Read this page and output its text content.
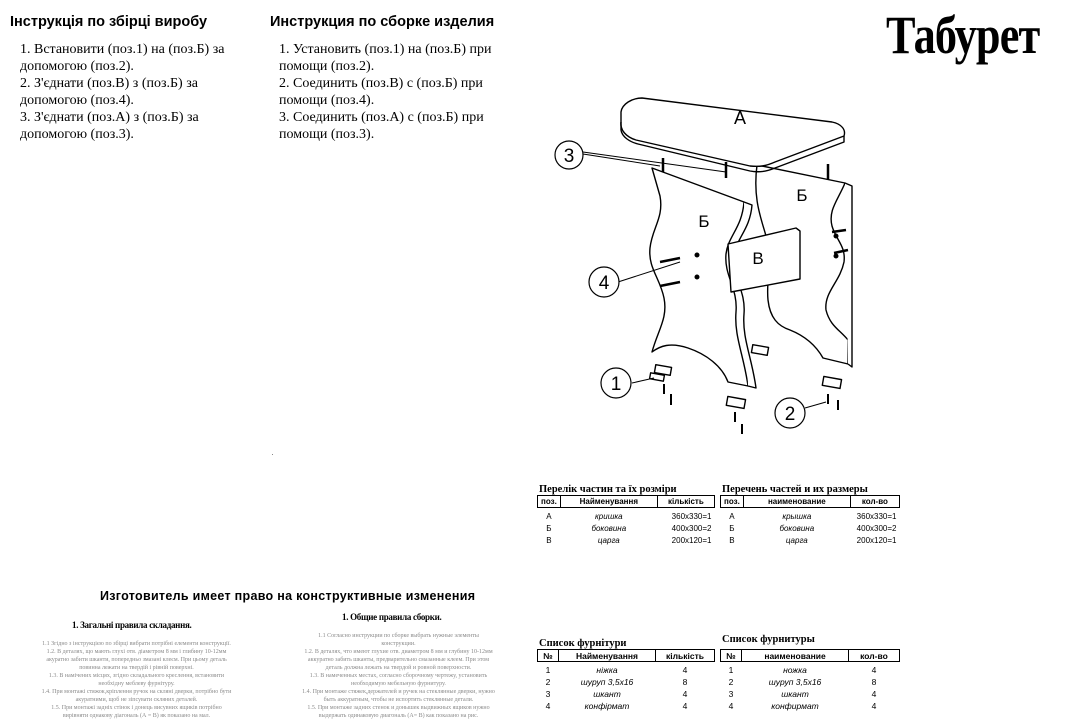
Інструкція по збірці виробу
1. Встановити (поз.1) на (поз.Б) за
допомогою (поз.2).
2. З'єднати (поз.В) з (поз.Б) за
допомогою (поз.4).
3. З'єднати (поз.А) з (поз.Б) за
допомогою (поз.3).
Инструкция по сборке изделия
1. Установить (поз.1) на (поз.Б) при
помощи (поз.2).
2. Соединить (поз.В) с (поз.Б) при
помощи (поз.4).
3. Соединить (поз.А) с (поз.Б) при
помощи (поз.3).
Табурет
1
2
3
4
А
Б
Б
В
Перелік частин та їх розміри
поз.	Найменування	кількість
А	кришка	360х330=1
Б	боковина	400х300=2
В	царга	200х120=1
Перечень частей и их размеры
поз.	наименование	кол-во
А	крышка	360х330=1
Б	боковина	400х300=2
В	царга	200х120=1
Изготовитель имеет право на конструктивные изменения
1. Загальні правила складання.
1.1 Згідно з інструкцією по збірці вибрати потрібні елементи конструкції.
1.2. В деталях, що мають глухі отв. діаметром 8 мм і глибину 10-12мм
акуратно забити шканти, попередньо змазані клеєм. При цьому деталь
повинна лежати на твердій і рівній поверхні.
1.3. В намічених місцях, згідно складального креслення, встановити
необхідну меблеву фурнітуру.
1.4. При монтажі стяжок,кріплення ручок на скляні дверки, потрібно бути
акуратними, щоб не зіпсувати скляних деталей.
1.5. При монтажі задніх стінок і донець висувних ящиків потрібно
вирівняти однакову діагональ (А = В) як показано на мал.
1. Общие правила сборки.
1.1 Согласно инструкции по сборке выбрать нужные элементы
конструкции.
1.2. В деталях, что имеют глухие отв. диаметром 8 мм и глубину 10-12мм
аккуратно забить шканты, предварительно смазанные клеем. При этом
деталь должна лежать на твердой и ровной поверхности.
1.3. В намеченных местах, согласно сборочному чертежу, установить
необходимую мебельную фурнитуру.
1.4. При монтаже стяжек,держателей и ручек на стеклянные дверки, нужно
быть аккуратным, чтобы не испортить стеклянные детали.
1.5. При монтаже задних стенок и донышек выдвижных ящиков нужно
выдержать одинаковую диагональ (А= В) как показано на рис.
Список фурнітури
№	Найменування	кількість
1	ніжка	4
2	шуруп 3,5х16	8
3	шкант	4
4	конфірмат	4
Список фурнитуры
№	наименование	кол-во
1	ножка	4
2	шуруп 3,5х16	8
3	шкант	4
4	конфирмат	4
